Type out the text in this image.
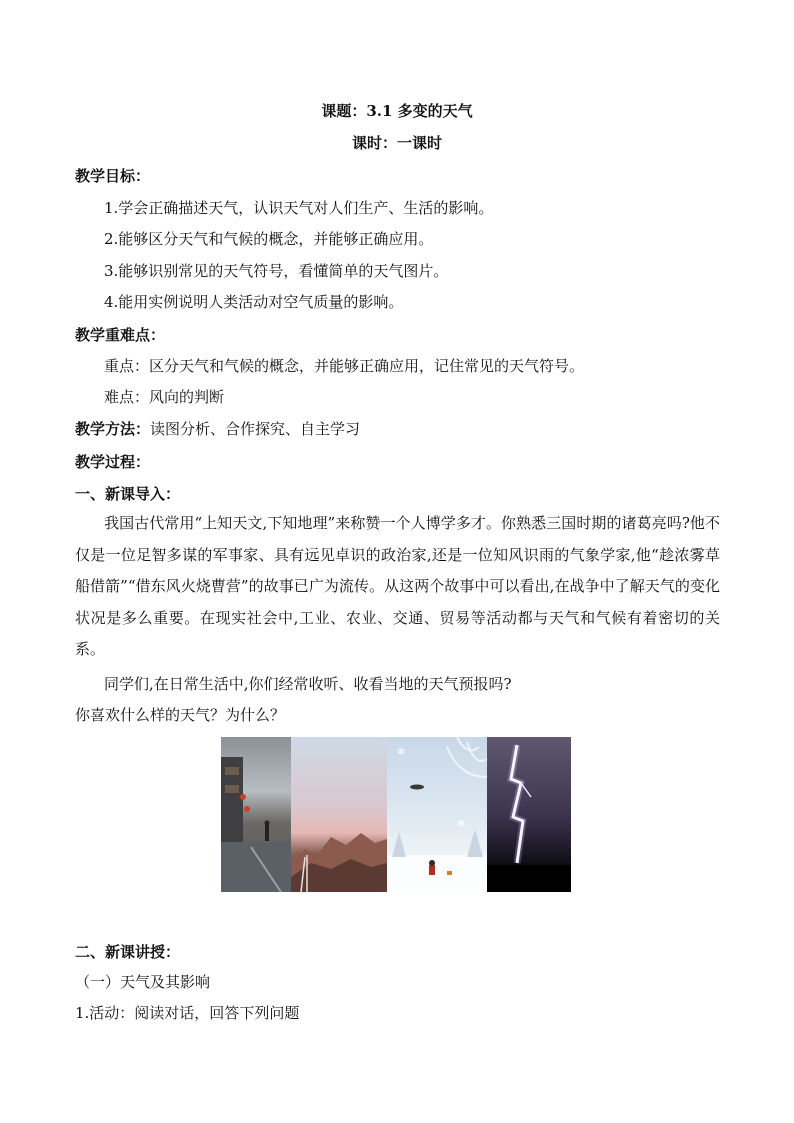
课题：3.1 多变的天气
课时：一课时
教学目标：
1.学会正确描述天气，认识天气对人们生产、生活的影响。
2.能够区分天气和气候的概念，并能够正确应用。
3.能够识别常见的天气符号，看懂简单的天气图片。
4.能用实例说明人类活动对空气质量的影响。
教学重难点：
重点：区分天气和气候的概念，并能够正确应用，记住常见的天气符号。
难点：风向的判断
教学方法：读图分析、合作探究、自主学习
教学过程：
一、新课导入：
我国古代常用“上知天文,下知地理”来称赞一个人博学多才。你熟悉三国时期的诸葛亮吗?他不仅是一位足智多谋的军事家、具有远见卓识的政治家,还是一位知风识雨的气象学家,他“趁浓雾草船借箭”“借东风火烧曹营”的故事已广为流传。从这两个故事中可以看出,在战争中了解天气的变化状况是多么重要。在现实社会中,工业、农业、交通、贸易等活动都与天气和气候有着密切的关系。
同学们,在日常生活中,你们经常收听、收看当地的天气预报吗?
你喜欢什么样的天气？为什么？
❄
❄
二、新课讲授：
（一）天气及其影响
1.活动：阅读对话，回答下列问题
